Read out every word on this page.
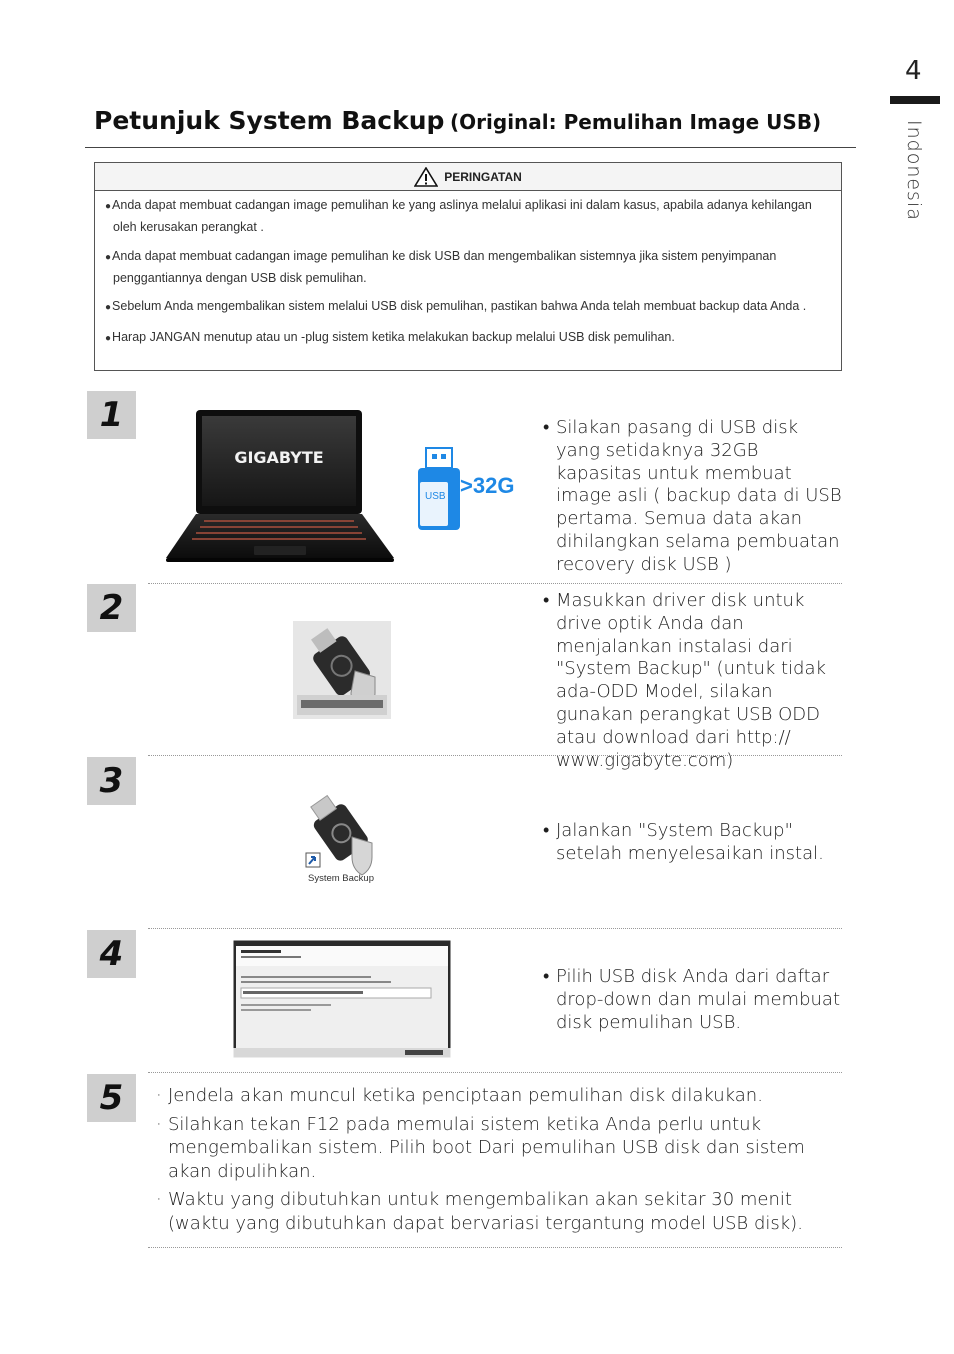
4
Indonesia
Petunjuk System Backup (Original: Pemulihan Image USB)
PERINGATAN
●Anda dapat membuat cadangan image pemulihan ke yang aslinya melalui aplikasi ini dalam kasus, apabila adanya kehilangan oleh kerusakan perangkat .
●Anda dapat membuat cadangan image pemulihan ke disk USB dan mengembalikan sistemnya jika sistem penyimpanan penggantiannya dengan USB disk pemulihan.
●Sebelum Anda mengembalikan sistem melalui USB disk pemulihan, pastikan bahwa Anda telah membuat backup data Anda .
●Harap JANGAN menutup atau un -plug sistem ketika melakukan backup melalui USB disk pemulihan.
1
GIGABYTE
USB >32G
• Silakan pasang di USB disk yang setidaknya 32GB kapasitas untuk membuat image asli ( backup data di USB pertama. Semua data akan dihilangkan selama pembuatan recovery disk USB )
2	• Masukkan driver disk untuk drive optik Anda dan menjalankan instalasi dari "System Backup" (untuk tidak ada-ODD Model, silakan gunakan perangkat USB ODD atau download dari http:// www.gigabyte.com)
3
System Backup
• Jalankan "System Backup" setelah menyelesaikan instal.
4
• Pilih USB disk Anda dari daftar drop-down dan mulai membuat disk pemulihan USB.
5	· Jendela akan muncul ketika penciptaan pemulihan disk dilakukan.
· Silahkan tekan F12 pada memulai sistem ketika Anda perlu untuk mengembalikan sistem. Pilih boot Dari pemulihan USB disk dan sistem akan dipulihkan.
· Waktu yang dibutuhkan untuk mengembalikan akan sekitar 30 menit (waktu yang dibutuhkan dapat bervariasi tergantung model USB disk).
